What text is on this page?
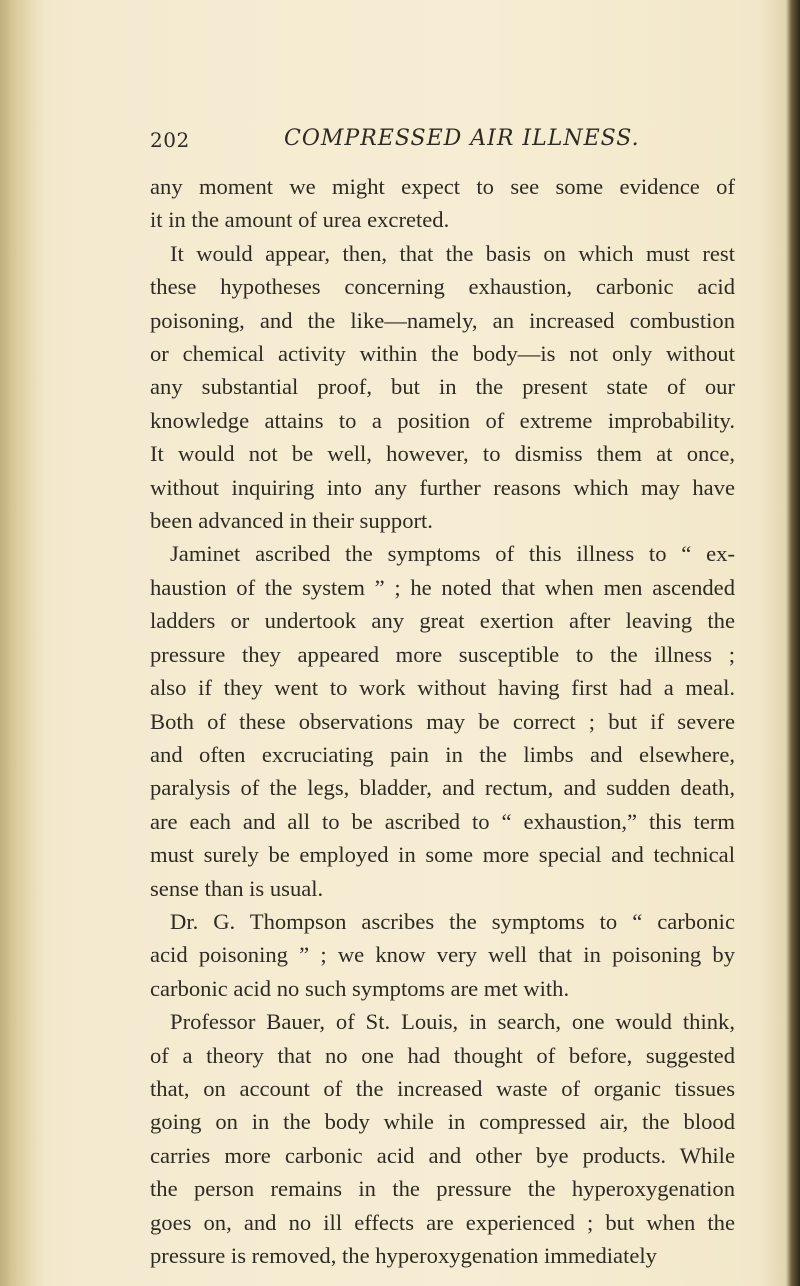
202	COMPRESSED AIR ILLNESS.
any moment we might expect to see some evidence of
it in the amount of urea excreted.
It would appear, then, that the basis on which must rest
these hypotheses concerning exhaustion, carbonic acid
poisoning, and the like—namely, an increased combustion
or chemical activity within the body—is not only without
any substantial proof, but in the present state of our
knowledge attains to a position of extreme improbability.
It would not be well, however, to dismiss them at once,
without inquiring into any further reasons which may have
been advanced in their support.
Jaminet ascribed the symptoms of this illness to “ ex-
haustion of the system ” ; he noted that when men ascended
ladders or undertook any great exertion after leaving the
pressure they appeared more susceptible to the illness ;
also if they went to work without having first had a meal.
Both of these observations may be correct ; but if severe
and often excruciating pain in the limbs and elsewhere,
paralysis of the legs, bladder, and rectum, and sudden death,
are each and all to be ascribed to “ exhaustion,” this term
must surely be employed in some more special and technical
sense than is usual.
Dr. G. Thompson ascribes the symptoms to “ carbonic
acid poisoning ” ; we know very well that in poisoning by
carbonic acid no such symptoms are met with.
Professor Bauer, of St. Louis, in search, one would think,
of a theory that no one had thought of before, suggested
that, on account of the increased waste of organic tissues
going on in the body while in compressed air, the blood
carries more carbonic acid and other bye products. While
the person remains in the pressure the hyperoxygenation
goes on, and no ill effects are experienced ; but when the
pressure is removed, the hyperoxygenation immediately
